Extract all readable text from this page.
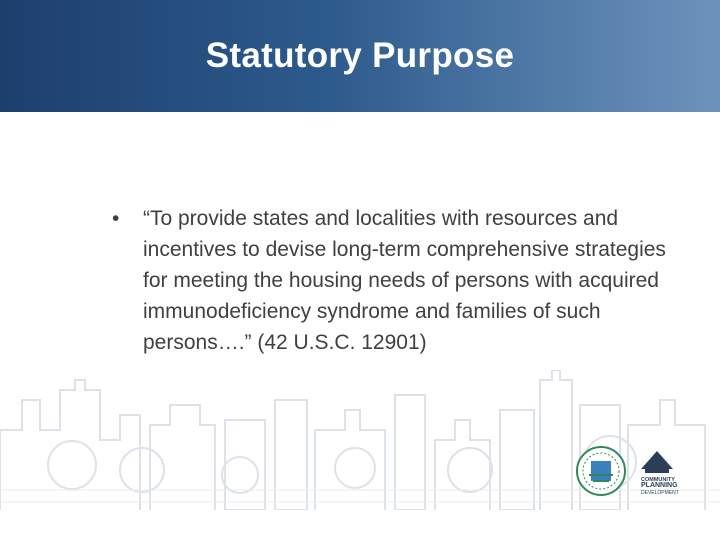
Statutory Purpose
•	“To provide states and localities with resources and incentives to devise long-term comprehensive strategies for meeting the housing needs of persons with acquired immunodeficiency syndrome and families of such persons….” (42 U.S.C. 12901)
COMMUNITY
PLANNING
DEVELOPMENT
